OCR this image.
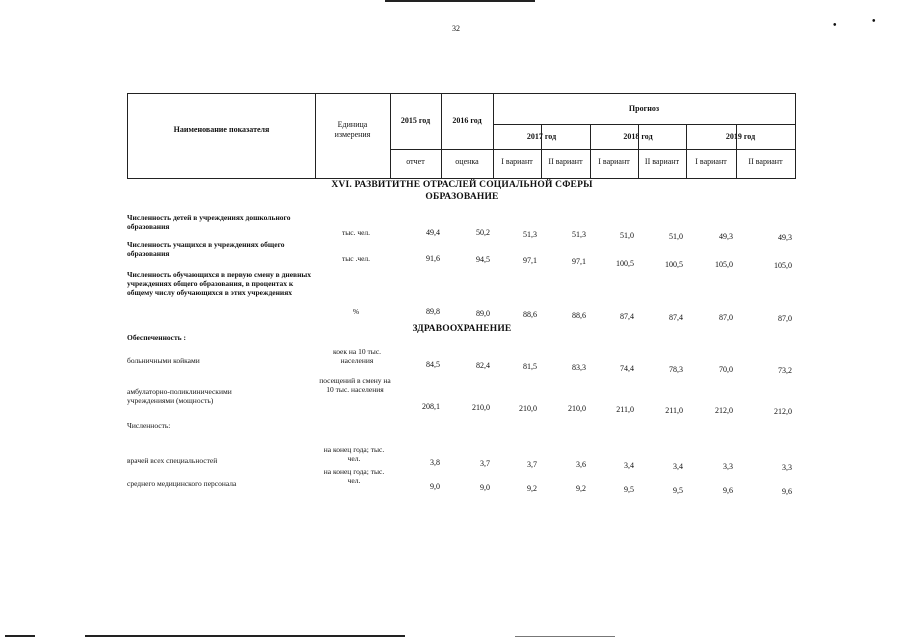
32	•	•
Наименование показателя
Единица измерения
2015 год	2016 год
Прогноз
2017 год	2018 год	2019 год
отчет	оценка	I вариант	II вариант	I вариант	II вариант	I вариант	II вариант
XVI. РАЗВИТИТНЕ ОТРАСЛЕЙ СОЦИАЛЬНОЙ СФЕРЫ
ОБРАЗОВАНИЕ
ЗДРАВООХРАНЕНИЕ
Численность детей в учреждениях дошкольного образования
тыс. чел.	49,4	50,2	51,3	51,3	51,0	51,0	49,3	49,3
Численность учащихся в учреждениях общего образования
тыс .чел.	91,6	94,5	97,1	97,1	100,5	100,5	105,0	105,0
Численность обучающихся в первую смену в дневных учреждениях общего образования, в процентах к общему числу обучающихся в этих учреждениях
%	89,8	89,0	88,6	88,6	87,4	87,4	87,0	87,0
Обеспеченность :
больничными койками
коек на 10 тыс. населения	84,5	82,4	81,5	83,3	74,4	78,3	70,0	73,2
амбулаторно-поликлиническими учреждениями (мощность)
посещений в смену на 10 тыс. населения
208,1	210,0	210,0	210,0	211,0	211,0	212,0	212,0
Численность:
врачей всех специальностей
на конец года; тыс. чел.	3,8	3,7	3,7	3,6	3,4	3,4	3,3	3,3
среднего медицинского персонала
на конец года; тыс. чел.
9,0	9,0	9,2	9,2	9,5	9,5	9,6	9,6
